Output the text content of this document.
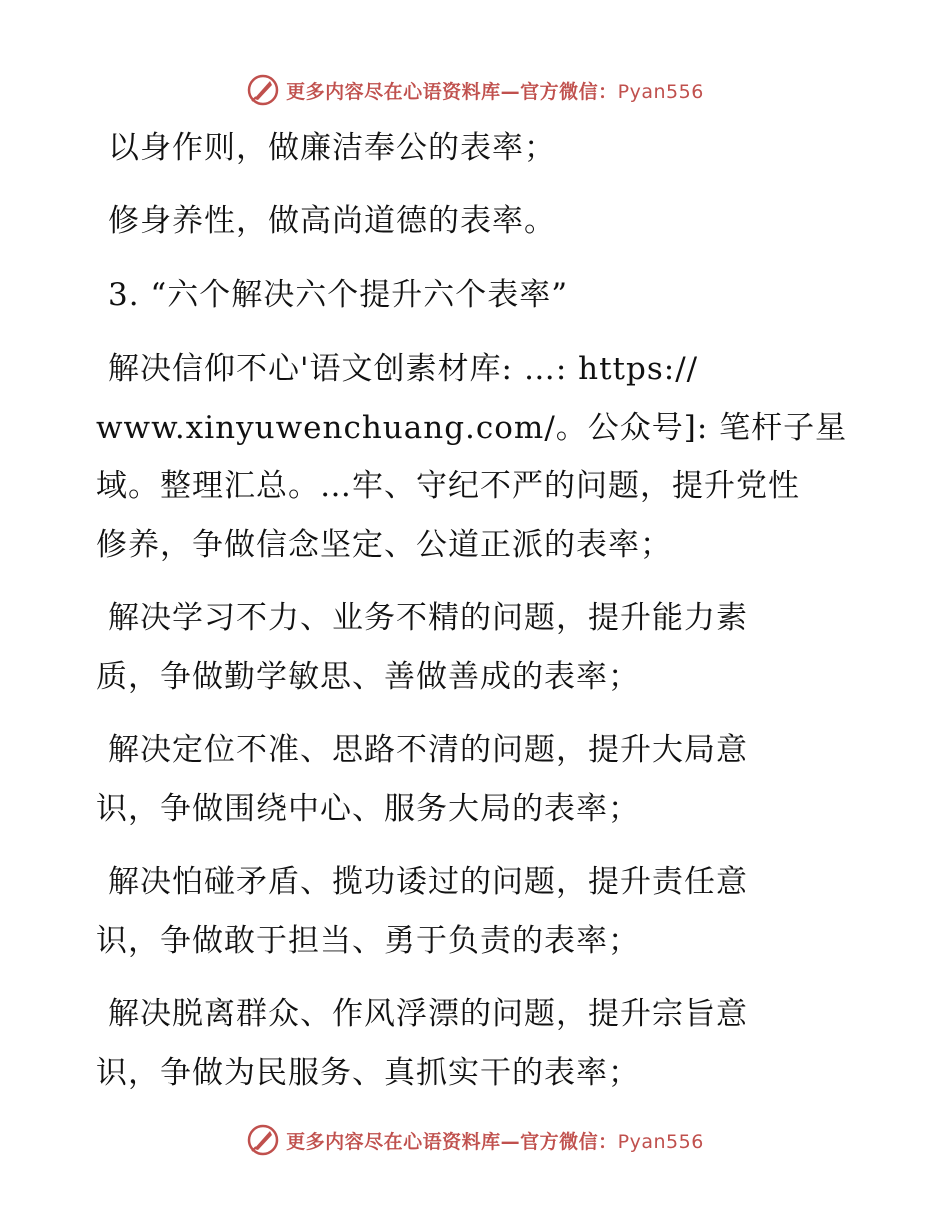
更多内容尽在心语资料库—官方微信：Pyan556
以身作则，做廉洁奉公的表率；
修身养性，做高尚道德的表率。
3. “六个解决六个提升六个表率”
解决信仰不心'语文创素材库: …: https://
www.xinyuwenchuang.com/。公众号]: 笔杆子星
域。整理汇总。…牢、守纪不严的问题，提升党性
修养，争做信念坚定、公道正派的表率；
解决学习不力、业务不精的问题，提升能力素
质，争做勤学敏思、善做善成的表率；
解决定位不准、思路不清的问题，提升大局意
识，争做围绕中心、服务大局的表率；
解决怕碰矛盾、揽功诿过的问题，提升责任意
识，争做敢于担当、勇于负责的表率；
解决脱离群众、作风浮漂的问题，提升宗旨意
识，争做为民服务、真抓实干的表率；
更多内容尽在心语资料库—官方微信：Pyan556
